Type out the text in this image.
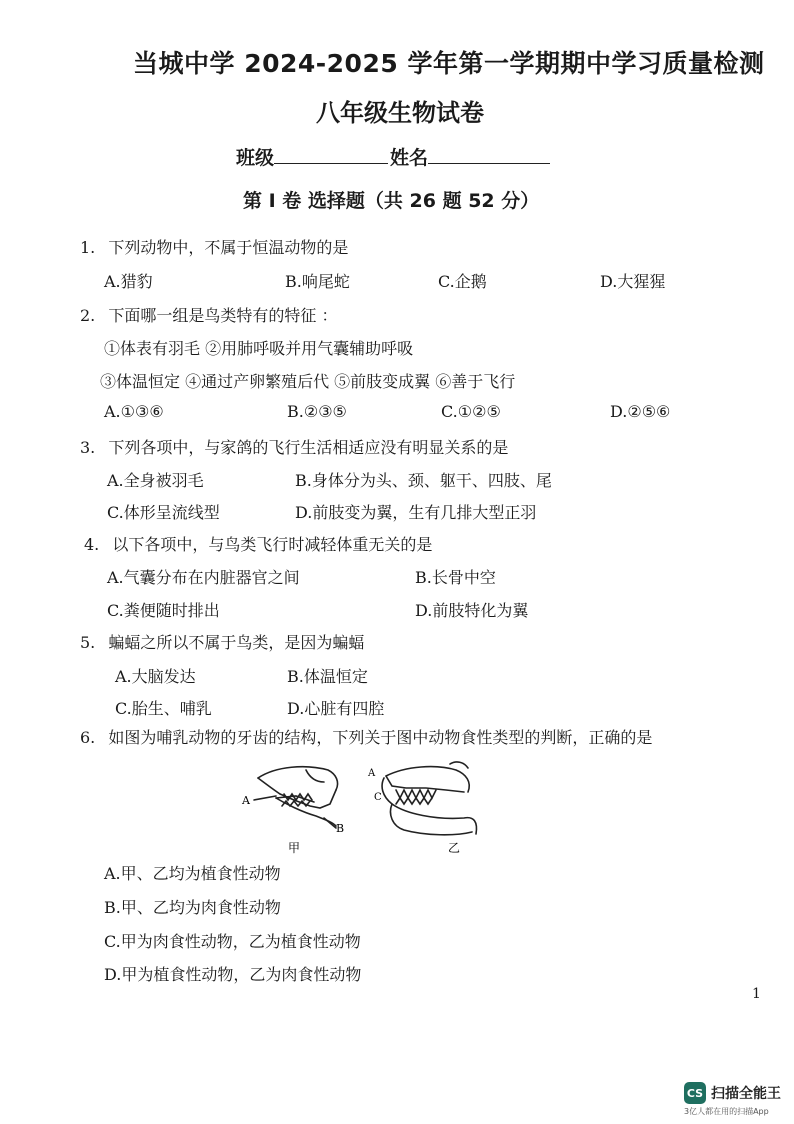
当城中学 2024-2025 学年第一学期期中学习质量检测
八年级生物试卷
班级	姓名
第 I 卷 选择题（共 26 题 52 分）
1. 下列动物中，不属于恒温动物的是
A.猎豹	B.响尾蛇	C.企鹅	D.大猩猩
2. 下面哪一组是鸟类特有的特征 ：
①体表有羽毛 ②用肺呼吸并用气囊辅助呼吸
③体温恒定 ④通过产卵繁殖后代 ⑤前肢变成翼 ⑥善于飞行
A.①③⑥	B.②③⑤	C.①②⑤	D.②⑤⑥
3. 下列各项中，与家鸽的飞行生活相适应没有明显关系的是
A.全身被羽毛	B.身体分为头、颈、躯干、四肢、尾
C.体形呈流线型	D.前肢变为翼，生有几排大型正羽
4. 以下各项中，与鸟类飞行时减轻体重无关的是
A.气囊分布在内脏器官之间	B.长骨中空
C.粪便随时排出	D.前肢特化为翼
5. 蝙蝠之所以不属于鸟类，是因为蝙蝠
A.大脑发达	B.体温恒定
C.胎生、哺乳	D.心脏有四腔
6. 如图为哺乳动物的牙齿的结构，下列关于图中动物食性类型的判断，正确的是
A
B
甲
A
C
乙
A.甲、乙均为植食性动物
B.甲、乙均为肉食性动物
C.甲为肉食性动物，乙为植食性动物
D.甲为植食性动物，乙为肉食性动物
1
CS 扫描全能王
3亿人都在用的扫描App
